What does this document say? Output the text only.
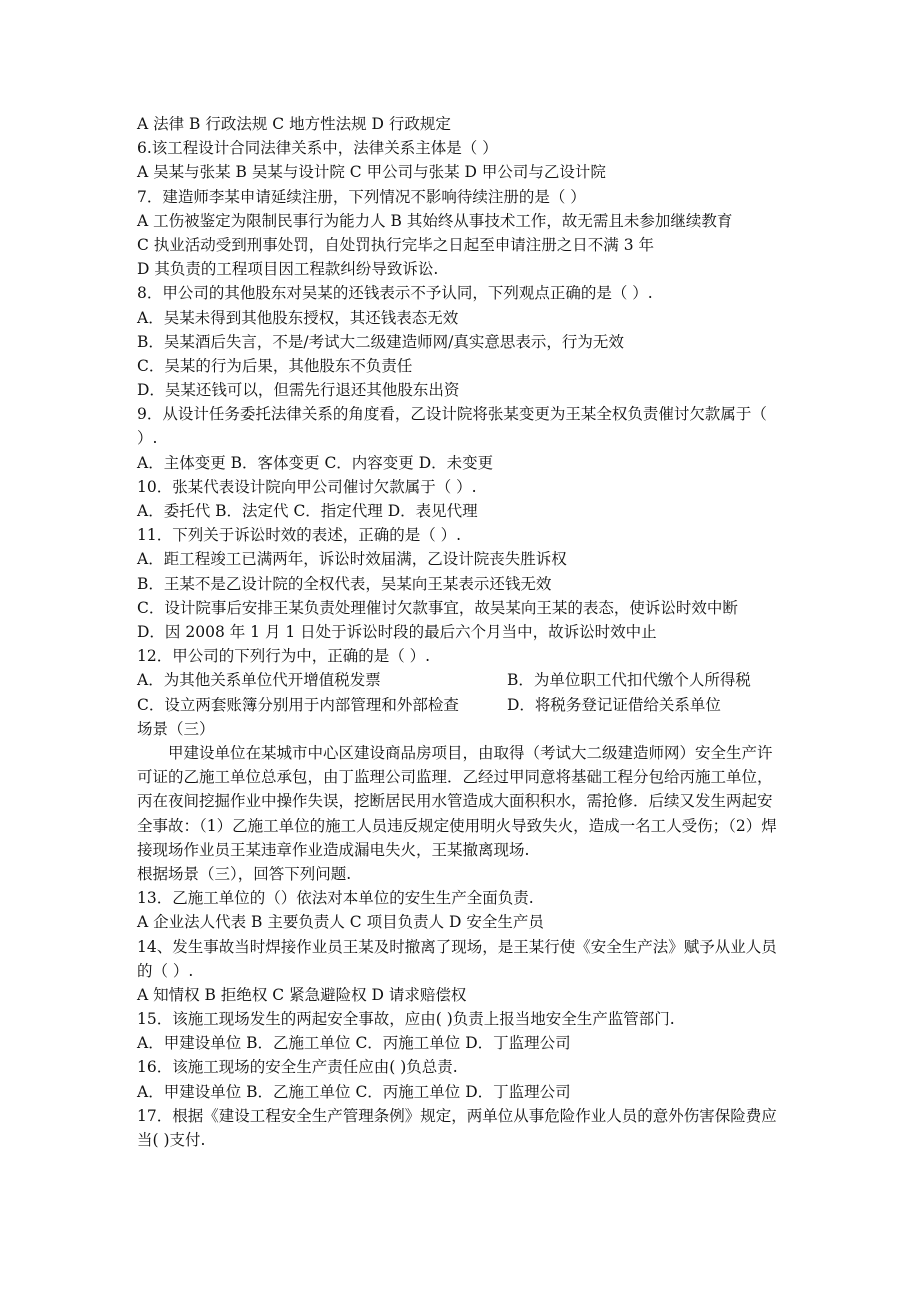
A 法律 B 行政法规 C 地方性法规 D 行政规定
6.该工程设计合同法律关系中，法律关系主体是（ ）
A 吴某与张某 B 吴某与设计院 C 甲公司与张某 D 甲公司与乙设计院
7．建造师李某申请延续注册，下列情况不影响待续注册的是（ ）
A 工伤被鉴定为限制民事行为能力人 B 其始终从事技术工作，故无需且未参加继续教育
C 执业活动受到刑事处罚，自处罚执行完毕之日起至申请注册之日不满 3 年
D 其负责的工程项目因工程款纠纷导致诉讼.
8．甲公司的其他股东对吴某的还钱表示不予认同，下列观点正确的是（ ）.
A．吴某未得到其他股东授权，其还钱表态无效
B．吴某酒后失言，不是/考试大二级建造师网/真实意思表示，行为无效
C．吴某的行为后果，其他股东不负责任
D．吴某还钱可以，但需先行退还其他股东出资
9．从设计任务委托法律关系的角度看，乙设计院将张某变更为王某全权负责催讨欠款属于（ ）.
A．主体变更 B．客体变更 C．内容变更 D．未变更
10．张某代表设计院向甲公司催讨欠款属于（ ）.
A．委托代 B．法定代 C．指定代理 D．表见代理
11．下列关于诉讼时效的表述，正确的是（ ）.
A．距工程竣工已满两年，诉讼时效届满，乙设计院丧失胜诉权
B．王某不是乙设计院的全权代表，吴某向王某表示还钱无效
C．设计院事后安排王某负责处理催讨欠款事宜，故吴某向王某的表态，使诉讼时效中断
D．因 2008 年 1 月 1 日处于诉讼时段的最后六个月当中，故诉讼时效中止
12．甲公司的下列行为中，正确的是（ ）.
A．为其他关系单位代开增值税发票	B．为单位职工代扣代缴个人所得税
C．设立两套账簿分别用于内部管理和外部检查	D．将税务登记证借给关系单位
场景（三）
甲建设单位在某城市中心区建设商品房项目，由取得（考试大二级建造师网）安全生产许可证的乙施工单位总承包，由丁监理公司监理．乙经过甲同意将基础工程分包给丙施工单位，丙在夜间挖掘作业中操作失误，挖断居民用水管造成大面积积水，需抢修．后续又发生两起安全事故：（1）乙施工单位的施工人员违反规定使用明火导致失火，造成一名工人受伤；（2）焊接现场作业员王某违章作业造成漏电失火，王某撤离现场.
根据场景（三），回答下列问题.
13．乙施工单位的（）依法对本单位的安生生产全面负责.
A 企业法人代表 B 主要负责人 C 项目负责人 D 安全生产员
14、发生事故当时焊接作业员王某及时撤离了现场，是王某行使《安全生产法》赋予从业人员的（ ）.
A 知情权 B 拒绝权 C 紧急避险权 D 请求赔偿权
15．该施工现场发生的两起安全事故，应由( )负责上报当地安全生产监管部门.
A．甲建设单位 B．乙施工单位 C．丙施工单位 D．丁监理公司
16．该施工现场的安全生产责任应由( )负总责.
A．甲建设单位 B．乙施工单位 C．丙施工单位 D．丁监理公司
17．根据《建设工程安全生产管理条例》规定，两单位从事危险作业人员的意外伤害保险费应当( )支付.
